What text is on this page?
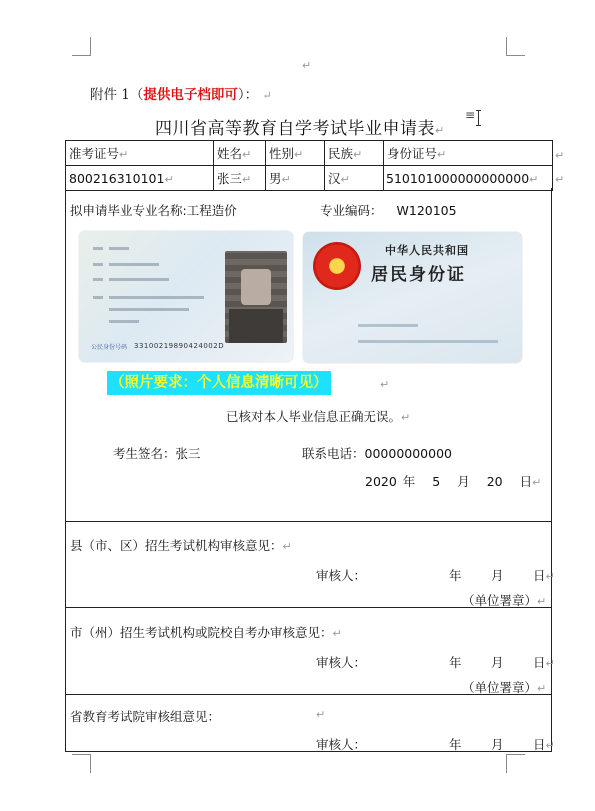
↵
附件 1（提供电子档即可）： ↵
四川省高等教育自学考试毕业申请表↵
≡
准考证号↵	姓名↵	性别↵	民族↵	身份证号↵
800216310101↵	张三↵	男↵	汉↵	510101000000000000↵
↵
↵
拟申请毕业专业名称:工程造价	专业编码： W120105
公民身份号码 33100219890424002D
★
中华人民共和国
居民身份证
（照片要求：个人信息清晰可见）	↵
已核对本人毕业信息正确无误。↵
考生签名：张三	联系电话：00000000000
2020 年 5 月 20 日↵
县（市、区）招生考试机构审核意见：↵
审核人：	年 月 日↵
（单位署章）↵
市（州）招生考试机构或院校自考办审核意见：↵
审核人：	年 月 日↵
（单位署章）↵
省教育考试院审核组意见：	↵
审核人：	年 月 日↵
